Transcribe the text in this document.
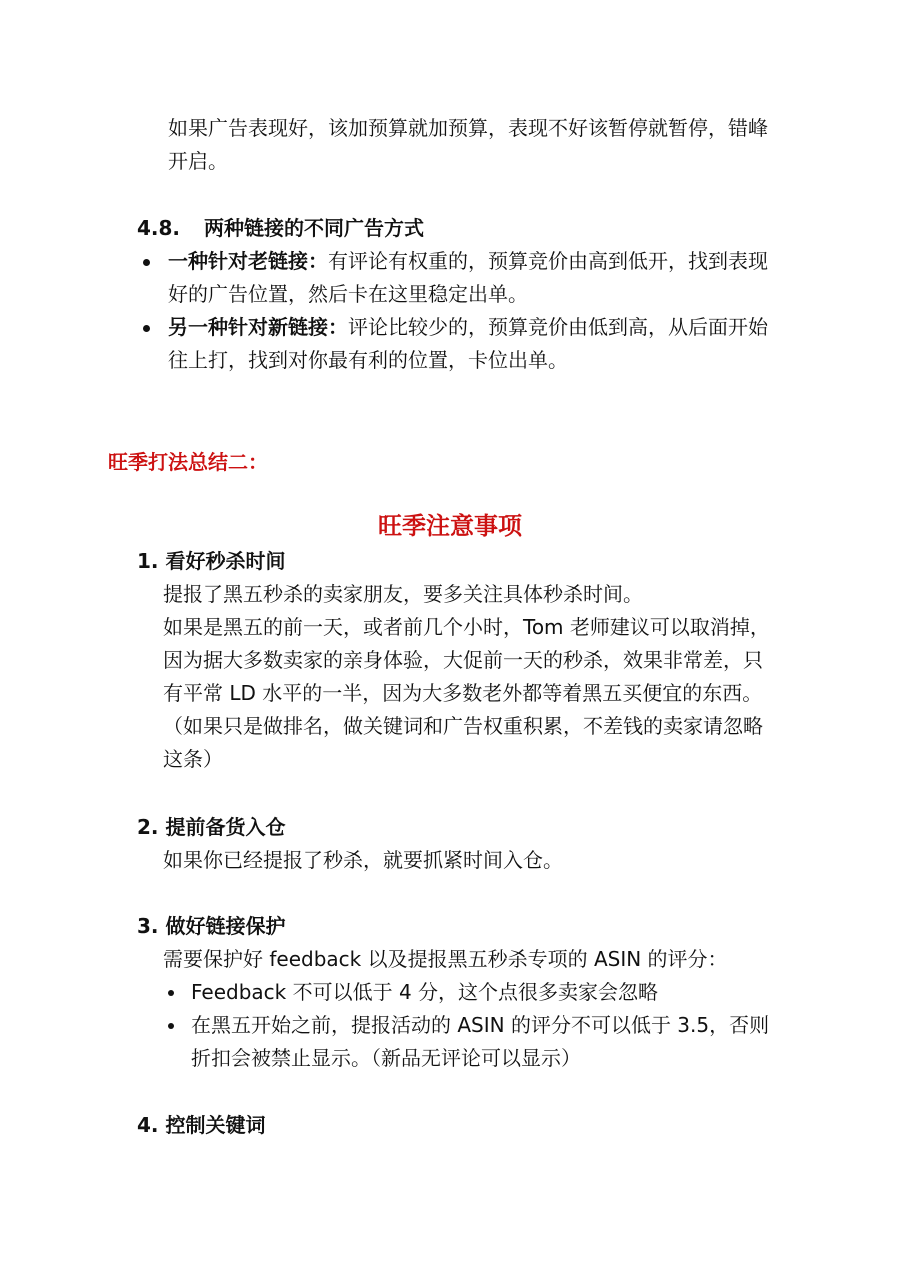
如果广告表现好，该加预算就加预算，表现不好该暂停就暂停，错峰

开启。

4.8. 两种链接的不同广告方式

一种针对老链接：有评论有权重的，预算竞价由高到低开，找到表现

好的广告位置，然后卡在这里稳定出单。

另一种针对新链接：评论比较少的，预算竞价由低到高，从后面开始

往上打，找到对你最有利的位置，卡位出单。

旺季打法总结二：
旺季注意事项
1. 看好秒杀时间

提报了黑五秒杀的卖家朋友，要多关注具体秒杀时间。

如果是黑五的前一天，或者前几个小时，Tom 老师建议可以取消掉，

因为据大多数卖家的亲身体验，大促前一天的秒杀，效果非常差，只

有平常 LD 水平的一半，因为大多数老外都等着黑五买便宜的东西。

（如果只是做排名，做关键词和广告权重积累，不差钱的卖家请忽略

这条）

2. 提前备货入仓

如果你已经提报了秒杀，就要抓紧时间入仓。

3. 做好链接保护

需要保护好 feedback 以及提报黑五秒杀专项的 ASIN 的评分：

Feedback 不可以低于 4 分，这个点很多卖家会忽略

在黑五开始之前，提报活动的 ASIN 的评分不可以低于 3.5，否则

折扣会被禁止显示。（新品无评论可以显示）

4. 控制关键词
